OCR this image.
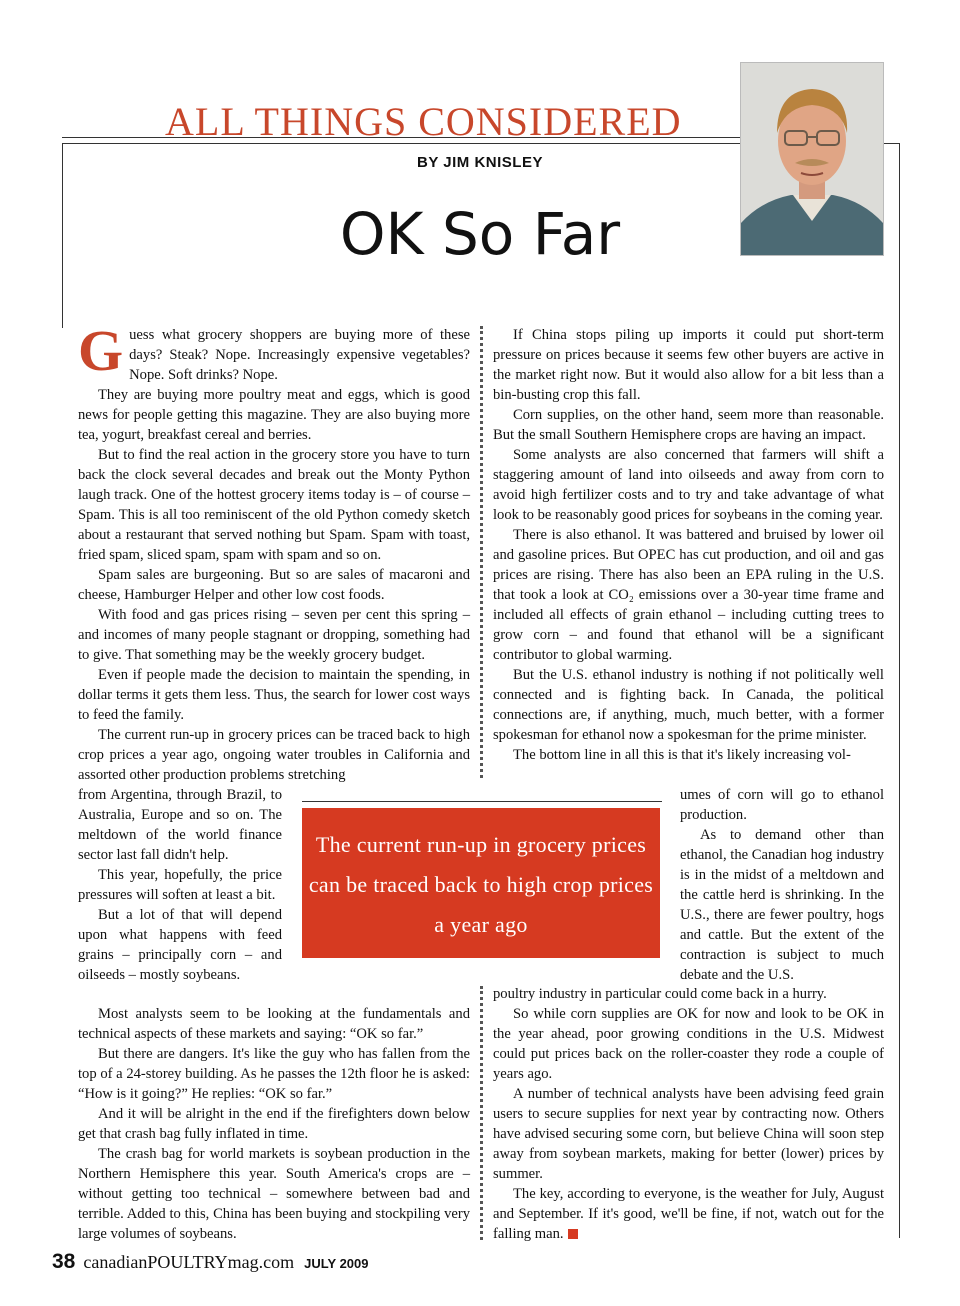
ALL THINGS CONSIDERED
BY JIM KNISLEY
OK So Far

Guess what grocery shoppers are buying more of these days? Steak? Nope. Increasingly expensive vegetables? Nope. Soft drinks? Nope.

They are buying more poultry meat and eggs, which is good news for people getting this magazine. They are also buying more tea, yogurt, breakfast cereal and berries.

But to find the real action in the grocery store you have to turn back the clock several decades and break out the Monty Python laugh track. One of the hottest grocery items today is – of course – Spam. This is all too reminiscent of the old Python comedy sketch about a restaurant that served nothing but Spam. Spam with toast, fried spam, sliced spam, spam with spam and so on.

Spam sales are burgeoning. But so are sales of macaroni and cheese, Hamburger Helper and other low cost foods.

With food and gas prices rising – seven per cent this spring – and incomes of many people stagnant or dropping, something had to give. That something may be the weekly grocery budget.

Even if people made the decision to maintain the spending, in dollar terms it gets them less. Thus, the search for lower cost ways to feed the family.

The current run-up in grocery prices can be traced back to high crop prices a year ago, ongoing water troubles in California and assorted other production problems stretching

from Argentina, through Brazil, to Australia, Europe and so on. The meltdown of the world finance sector last fall didn't help.

This year, hopefully, the price pressures will soften at least a bit.

But a lot of that will depend upon what happens with feed grains – principally corn – and oilseeds – mostly soybeans.

Most analysts seem to be looking at the fundamentals and technical aspects of these markets and saying: “OK so far.”

But there are dangers. It's like the guy who has fallen from the top of a 24-storey building. As he passes the 12th floor he is asked: “How is it going?” He replies: “OK so far.”

And it will be alright in the end if the firefighters down below get that crash bag fully inflated in time.

The crash bag for world markets is soybean production in the Northern Hemisphere this year. South America's crops are – without getting too technical – somewhere between bad and terrible. Added to this, China has been buying and stockpiling very large volumes of soybeans.

If China stops piling up imports it could put short-term pressure on prices because it seems few other buyers are active in the market right now. But it would also allow for a bit less than a bin-busting crop this fall.

Corn supplies, on the other hand, seem more than reasonable. But the small Southern Hemisphere crops are having an impact.

Some analysts are also concerned that farmers will shift a staggering amount of land into oilseeds and away from corn to avoid high fertilizer costs and to try and take advantage of what look to be reasonably good prices for soybeans in the coming year.

There is also ethanol. It was battered and bruised by lower oil and gasoline prices. But OPEC has cut production, and oil and gas prices are rising. There has also been an EPA ruling in the U.S. that took a look at CO₂ emissions over a 30-year time frame and included all effects of grain ethanol – including cutting trees to grow corn – and found that ethanol will be a significant contributor to global warming.

But the U.S. ethanol industry is nothing if not politically well connected and is fighting back. In Canada, the political connections are, if anything, much, much better, with a former spokesman for ethanol now a spokesman for the prime minister.

The bottom line in all this is that it's likely increasing vol-

umes of corn will go to ethanol production.

As to demand other than ethanol, the Canadian hog industry is in the midst of a meltdown and the cattle herd is shrinking. In the U.S., there are fewer poultry, hogs and cattle. But the extent of the contraction is subject to much debate and the U.S.

poultry industry in particular could come back in a hurry.

So while corn supplies are OK for now and look to be OK in the year ahead, poor growing conditions in the U.S. Midwest could put prices back on the roller-coaster they rode a couple of years ago.

A number of technical analysts have been advising feed grain users to secure supplies for next year by contracting now. Others have advised securing some corn, but believe China will soon step away from soybean markets, making for better (lower) prices by summer.

The key, according to everyone, is the weather for July, August and September. If it's good, we'll be fine, if not, watch out for the falling man.

The current run-up in grocery prices can be traced back to high crop prices a year ago
38 canadianPOULTRYmag.com JULY 2009
